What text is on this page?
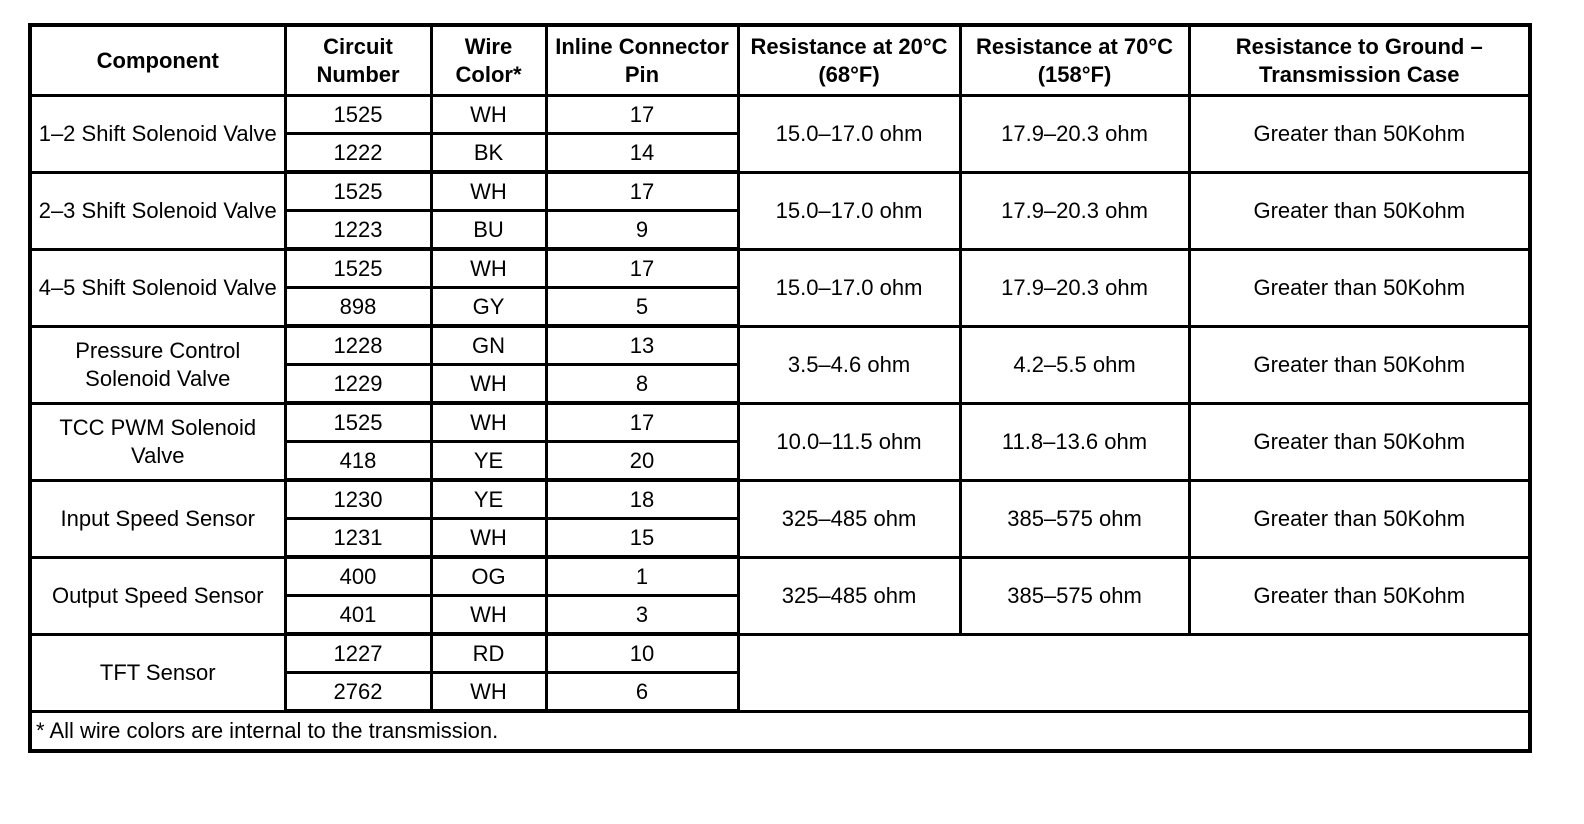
Component	Circuit Number	Wire Color*	Inline Connector Pin	Resistance at 20°C (68°F)	Resistance at 70°C (158°F)	Resistance to Ground – Transmission Case
1–2 Shift Solenoid Valve	1525	WH	17	15.0–17.0 ohm	17.9–20.3 ohm	Greater than 50Kohm
	1222	BK	14			
2–3 Shift Solenoid Valve	1525	WH	17	15.0–17.0 ohm	17.9–20.3 ohm	Greater than 50Kohm
	1223	BU	9			
4–5 Shift Solenoid Valve	1525	WH	17	15.0–17.0 ohm	17.9–20.3 ohm	Greater than 50Kohm
	898	GY	5			
Pressure Control Solenoid Valve	1228	GN	13	3.5–4.6 ohm	4.2–5.5 ohm	Greater than 50Kohm
	1229	WH	8			
TCC PWM Solenoid Valve	1525	WH	17	10.0–11.5 ohm	11.8–13.6 ohm	Greater than 50Kohm
	418	YE	20			
Input Speed Sensor	1230	YE	18	325–485 ohm	385–575 ohm	Greater than 50Kohm
	1231	WH	15			
Output Speed Sensor	400	OG	1	325–485 ohm	385–575 ohm	Greater than 50Kohm
	401	WH	3			
TFT Sensor	1227	RD	10			
	2762	WH	6			
* All wire colors are internal to the transmission.						
